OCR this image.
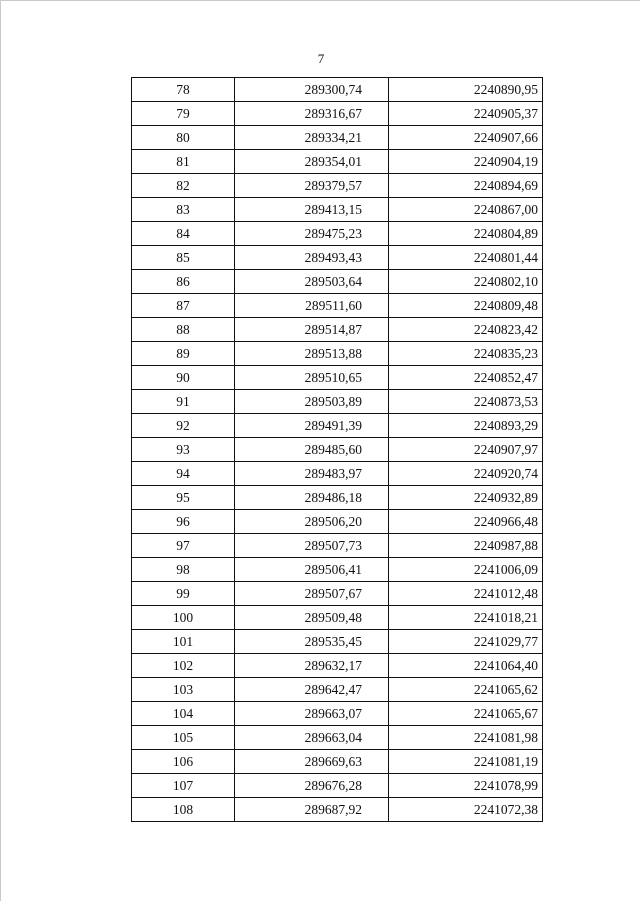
7
78	289300,74	2240890,95
79	289316,67	2240905,37
80	289334,21	2240907,66
81	289354,01	2240904,19
82	289379,57	2240894,69
83	289413,15	2240867,00
84	289475,23	2240804,89
85	289493,43	2240801,44
86	289503,64	2240802,10
87	289511,60	2240809,48
88	289514,87	2240823,42
89	289513,88	2240835,23
90	289510,65	2240852,47
91	289503,89	2240873,53
92	289491,39	2240893,29
93	289485,60	2240907,97
94	289483,97	2240920,74
95	289486,18	2240932,89
96	289506,20	2240966,48
97	289507,73	2240987,88
98	289506,41	2241006,09
99	289507,67	2241012,48
100	289509,48	2241018,21
101	289535,45	2241029,77
102	289632,17	2241064,40
103	289642,47	2241065,62
104	289663,07	2241065,67
105	289663,04	2241081,98
106	289669,63	2241081,19
107	289676,28	2241078,99
108	289687,92	2241072,38
